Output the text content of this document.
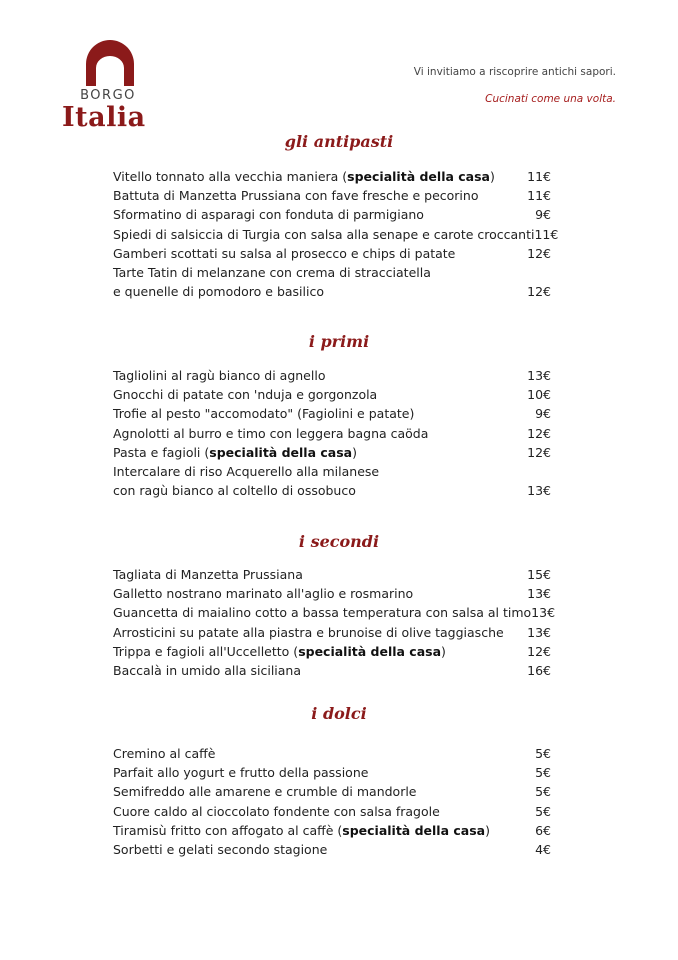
BORGO
Italia
Vi invitiamo a riscoprire antichi sapori.
Cucinati come una volta.
gli antipasti
Vitello tonnato alla vecchia maniera (specialità della casa)	11€
Battuta di Manzetta Prussiana con fave fresche e pecorino	11€
Sformatino di asparagi con fonduta di parmigiano	9€
Spiedi di salsiccia di Turgia con salsa alla senape e carote croccanti 11€
Gamberi scottati su salsa al prosecco e chips di patate	12€
Tarte Tatin di melanzane con crema di stracciatella
e quenelle di pomodoro e basilico	12€
i primi
Tagliolini al ragù bianco di agnello	13€
Gnocchi di patate con 'nduja e gorgonzola	10€
Trofie al pesto "accomodato" (Fagiolini e patate)	9€
Agnolotti al burro e timo con leggera bagna caöda	12€
Pasta e fagioli (specialità della casa)	12€
Intercalare di riso Acquerello alla milanese
con ragù bianco al coltello di ossobuco	13€
i secondi
Tagliata di Manzetta Prussiana	15€
Galletto nostrano marinato all'aglio e rosmarino	13€
Guancetta di maialino cotto a bassa temperatura con salsa al timo 13€
Arrosticini su patate alla piastra e brunoise di olive taggiasche 13€
Trippa e fagioli all'Uccelletto (specialità della casa)	12€
Baccalà in umido alla siciliana	16€
i dolci
Cremino al caffè	5€
Parfait allo yogurt e frutto della passione	5€
Semifreddo alle amarene e crumble di mandorle	5€
Cuore caldo al cioccolato fondente con salsa fragole	5€
Tiramisù fritto con affogato al caffè (specialità della casa)	6€
Sorbetti e gelati secondo stagione	4€
